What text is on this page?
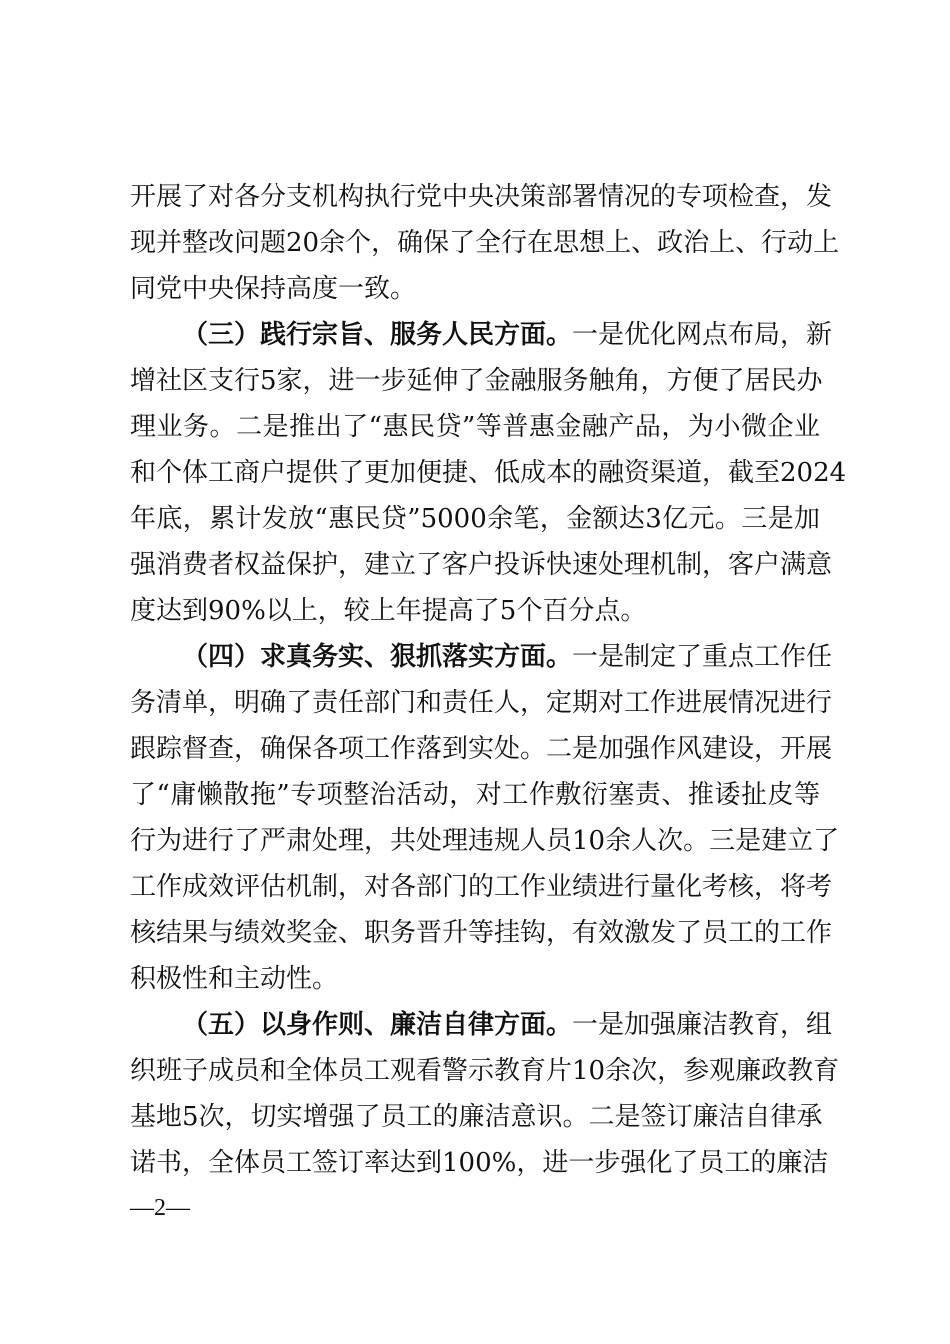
开展了对各分支机构执行党中央决策部署情况的专项检查，发
现并整改问题20余个，确保了全行在思想上、政治上、行动上
同党中央保持高度一致。
（三）践行宗旨、服务人民方面。一是优化网点布局，新
增社区支行5家，进一步延伸了金融服务触角，方便了居民办
理业务。二是推出了“惠民贷”等普惠金融产品，为小微企业
和个体工商户提供了更加便捷、低成本的融资渠道，截至2024
年底，累计发放“惠民贷”5000余笔，金额达3亿元。三是加
强消费者权益保护，建立了客户投诉快速处理机制，客户满意
度达到90%以上，较上年提高了5个百分点。
（四）求真务实、狠抓落实方面。一是制定了重点工作任
务清单，明确了责任部门和责任人，定期对工作进展情况进行
跟踪督查，确保各项工作落到实处。二是加强作风建设，开展
了“庸懒散拖”专项整治活动，对工作敷衍塞责、推诿扯皮等
行为进行了严肃处理，共处理违规人员10余人次。三是建立了
工作成效评估机制，对各部门的工作业绩进行量化考核，将考
核结果与绩效奖金、职务晋升等挂钩，有效激发了员工的工作
积极性和主动性。
（五）以身作则、廉洁自律方面。一是加强廉洁教育，组
织班子成员和全体员工观看警示教育片10余次，参观廉政教育
基地5次，切实增强了员工的廉洁意识。二是签订廉洁自律承
诺书，全体员工签订率达到100%，进一步强化了员工的廉洁
—2—
